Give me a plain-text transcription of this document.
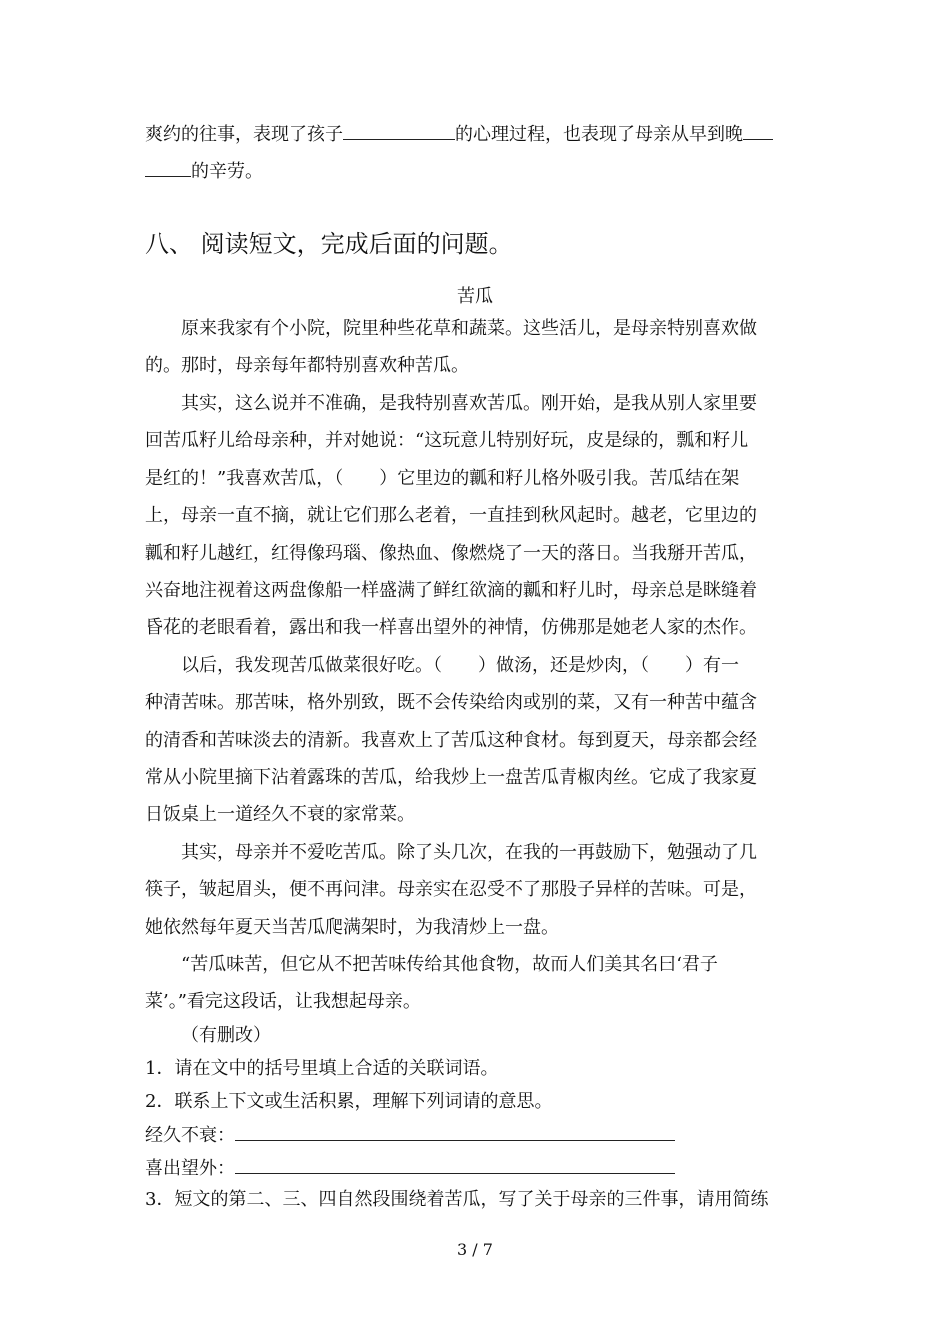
爽约的往事，表现了孩子	的心理过程，也表现了母亲从早到晚
的辛劳。
八、 阅读短文，完成后面的问题。
苦瓜
原来我家有个小院，院里种些花草和蔬菜。这些活儿，是母亲特别喜欢做
的。那时，母亲每年都特别喜欢种苦瓜。
其实，这么说并不准确，是我特别喜欢苦瓜。刚开始，是我从别人家里要
回苦瓜籽儿给母亲种，并对她说：“这玩意儿特别好玩，皮是绿的，瓢和籽儿
是红的！”我喜欢苦瓜，（　　）它里边的瓤和籽儿格外吸引我。苦瓜结在架
上，母亲一直不摘，就让它们那么老着，一直挂到秋风起时。越老，它里边的
瓤和籽儿越红，红得像玛瑙、像热血、像燃烧了一天的落日。当我掰开苦瓜，
兴奋地注视着这两盘像船一样盛满了鲜红欲滴的瓤和籽儿时，母亲总是眯缝着
昏花的老眼看着，露出和我一样喜出望外的神情，仿佛那是她老人家的杰作。
以后，我发现苦瓜做菜很好吃。（　　）做汤，还是炒肉，（　　）有一
种清苦味。那苦味，格外别致，既不会传染给肉或别的菜，又有一种苦中蕴含
的清香和苦味淡去的清新。我喜欢上了苦瓜这种食材。每到夏天，母亲都会经
常从小院里摘下沾着露珠的苦瓜，给我炒上一盘苦瓜青椒肉丝。它成了我家夏
日饭桌上一道经久不衰的家常菜。
其实，母亲并不爱吃苦瓜。除了头几次，在我的一再鼓励下，勉强动了几
筷子，皱起眉头，便不再问津。母亲实在忍受不了那股子异样的苦味。可是，
她依然每年夏天当苦瓜爬满架时，为我清炒上一盘。
“苦瓜味苦，但它从不把苦味传给其他食物，故而人们美其名曰‘君子
菜’。”看完这段话，让我想起母亲。
（有删改）
1．请在文中的括号里填上合适的关联词语。
2．联系上下文或生活积累，理解下列词请的意思。
经久不衰：
喜出望外：
3．短文的第二、三、四自然段围绕着苦瓜，写了关于母亲的三件事，请用简练
3 / 7
